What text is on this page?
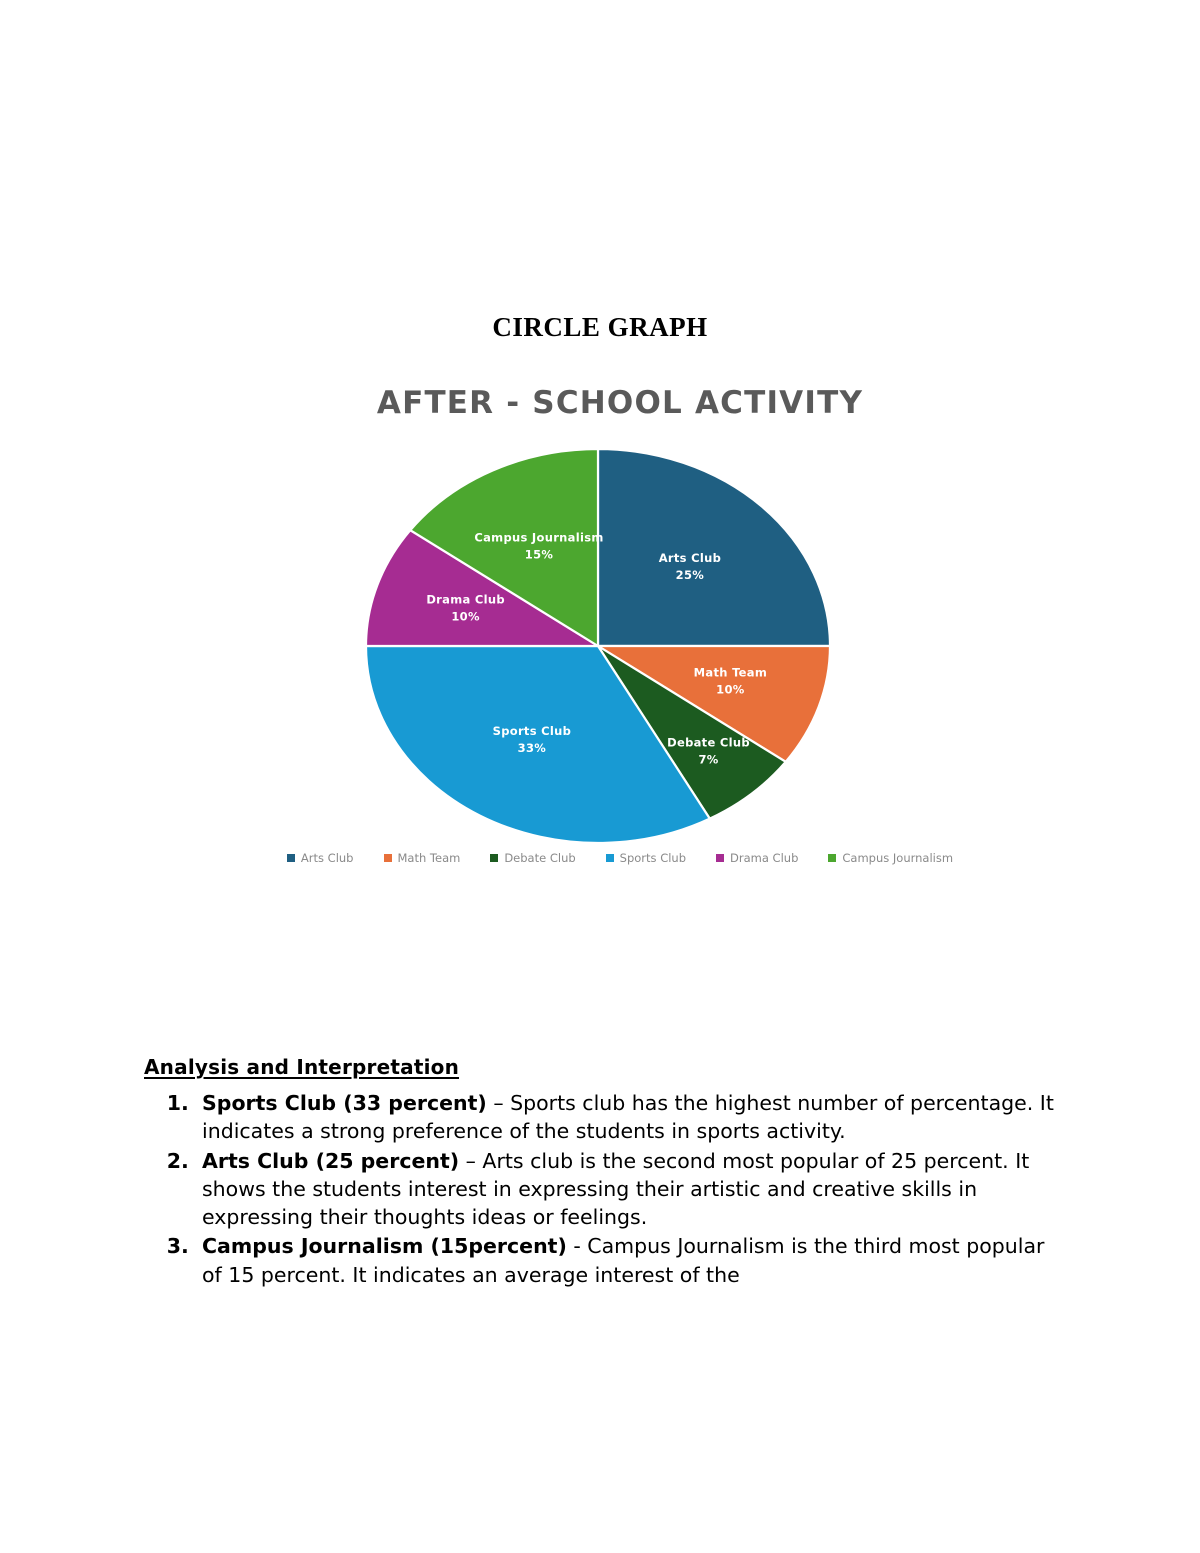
CIRCLE GRAPH
AFTER - SCHOOL ACTIVITY
Arts Club
25%
Math Team
10%
Debate Club
7%
Sports Club
33%
Drama Club
10%
Campus Journalism
15%
Arts Club	Math Team	Debate Club	Sports Club	Drama Club	Campus Journalism
Analysis and Interpretation
1. Sports Club (33 percent) – Sports club has the highest number of percentage. It indicates a strong preference of the students in sports activity.
2. Arts Club (25 percent) – Arts club is the second most popular of 25 percent. It shows the students interest in expressing their artistic and creative skills in expressing their thoughts ideas or feelings.
3. Campus Journalism (15percent) - Campus Journalism is the third most popular of 15 percent. It indicates an average interest of the
